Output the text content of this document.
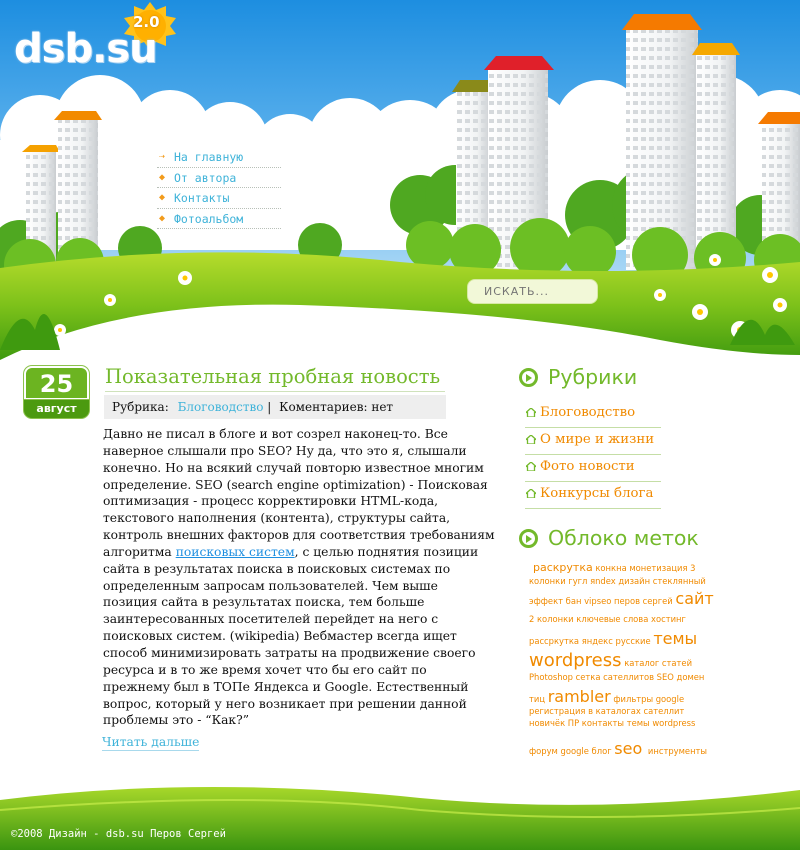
dsb.su
2.0
⇢ На главную
◆ От автора
◆ Контакты
◆ Фотоальбом
ИСКАТЬ...
25
август
Показательная пробная новость
Рубрика: Блоговодство | Коментариев: нет

Давно не писал в блоге и вот созрел наконец-то. Все наверное слышали про SEO? Ну да, что это я, слышали конечно. Но на всякий случай повторю известное многим определение. SEO (search engine optimization) - Поисковая оптимизация - процесс корректировки HTML-кода, текстового наполнения (контента), структуры сайта, контроль внешних факторов для соответствия требованиям алгоритма поисковых систем, с целью поднятия позиции сайта в результатах поиска в поисковых системах по определенным запросам пользователей. Чем выше позиция сайта в результатах поиска, тем больше заинтересованных посетителей перейдет на него с поисковых систем. (wikipedia) Вебмастер всегда ищет способ минимизировать затраты на продвижение своего ресурса и в то же время хочет что бы его сайт по прежнему был в ТОПе Яндекса и Google. Естественный вопрос, который у него возникает при решении данной проблемы это - “Как?”

Читать дальше
Рубрики
Блоговодство
О мире и жизни
Фото новости
Конкурсы блога
Облоко меток
раскрутка конкна монетизация 3
колонки гугл яndex дизайн стеклянный
эффект бан vipseo перов сергей сайт
2 колонки ключевые слова хостинг
рассркутка яндекс русские темы
wordpress каталог статей
Photoshop сетка сателлитов SEO домен
тиц rambler фильтры google
регистрация в каталогах сателлит
новичёк ПР контакты темы wordpress
форум google блог seo инструменты
©2008 Дизайн - dsb.su Перов Сергей
